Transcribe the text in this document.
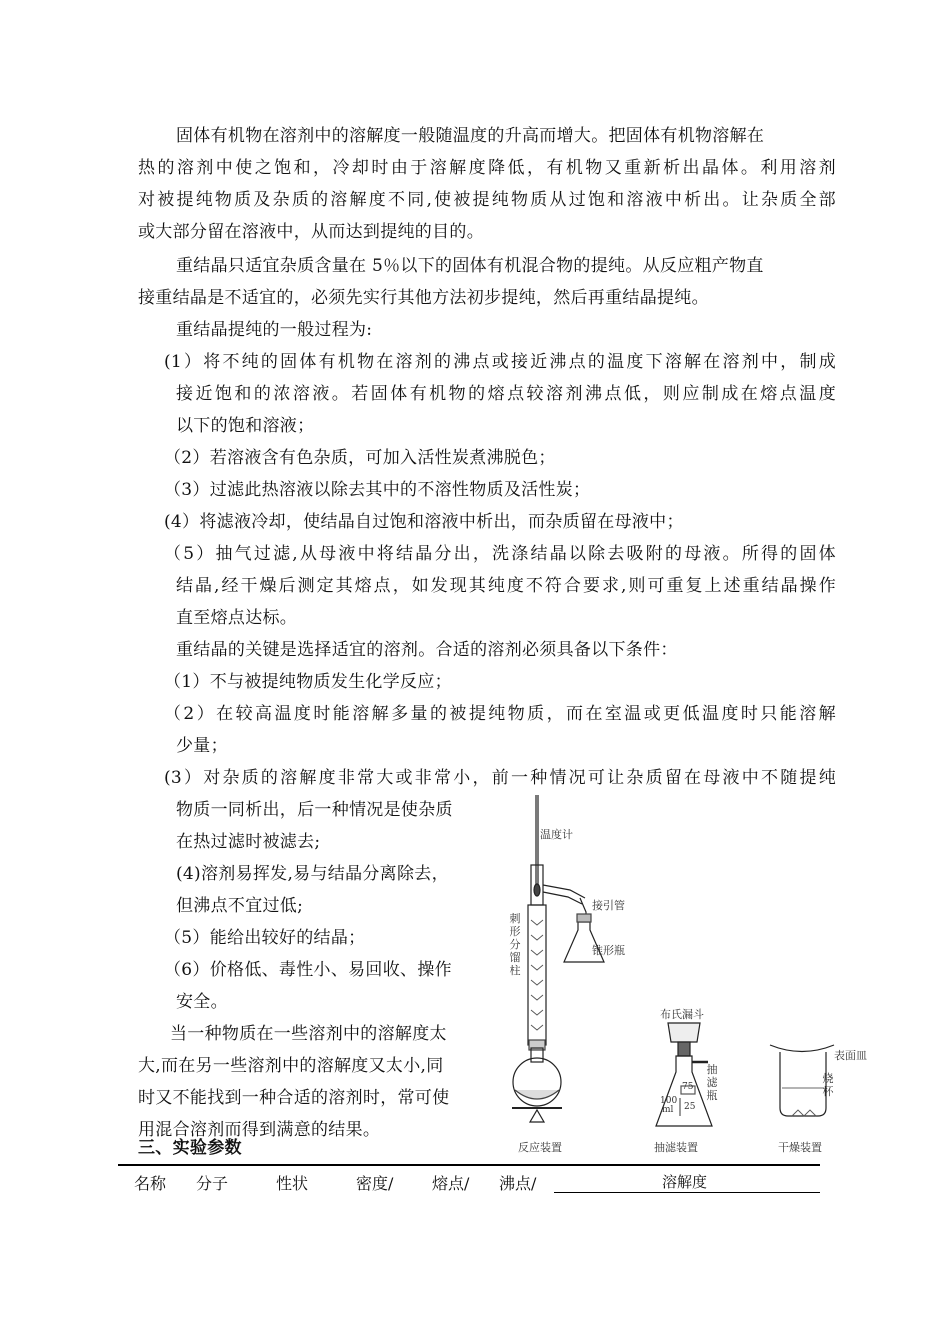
固体有机物在溶剂中的溶解度一般随温度的升高而增大。把固体有机物溶解在
热的溶剂中使之饱和，冷却时由于溶解度降低，有机物又重新析出晶体。利用溶剂
对被提纯物质及杂质的溶解度不同,使被提纯物质从过饱和溶液中析出。让杂质全部
或大部分留在溶液中，从而达到提纯的目的。
重结晶只适宜杂质含量在 5％以下的固体有机混合物的提纯。从反应粗产物直
接重结晶是不适宜的，必须先实行其他方法初步提纯，然后再重结晶提纯。
重结晶提纯的一般过程为:
(1）将不纯的固体有机物在溶剂的沸点或接近沸点的温度下溶解在溶剂中，制成
接近饱和的浓溶液。若固体有机物的熔点较溶剂沸点低，则应制成在熔点温度
以下的饱和溶液；
（2）若溶液含有色杂质，可加入活性炭煮沸脱色；
（3）过滤此热溶液以除去其中的不溶性物质及活性炭；
(4）将滤液冷却，使结晶自过饱和溶液中析出，而杂质留在母液中；
（5）抽气过滤,从母液中将结晶分出，洗涤结晶以除去吸附的母液。所得的固体
结晶,经干燥后测定其熔点，如发现其纯度不符合要求,则可重复上述重结晶操作
直至熔点达标。
重结晶的关键是选择适宜的溶剂。合适的溶剂必须具备以下条件：
（1）不与被提纯物质发生化学反应；
（2）在较高温度时能溶解多量的被提纯物质，而在室温或更低温度时只能溶解
少量；
(3）对杂质的溶解度非常大或非常小，前一种情况可让杂质留在母液中不随提纯
物质一同析出，后一种情况是使杂质
在热过滤时被滤去;
(4)溶剂易挥发,易与结晶分离除去，
但沸点不宜过低;
（5）能给出较好的结晶；
（6）价格低、毒性小、易回收、操作
安全。
当一种物质在一些溶剂中的溶解度太
大,而在另一些溶剂中的溶解度又太小,同
时又不能找到一种合适的溶剂时，常可使
用混合溶剂而得到满意的结果。
温度计
接引管
刺形分馏柱
锥形瓶
布氏漏斗
抽滤瓶
表面皿
烧杯
75
100
ml 25
反应装置	抽滤装置	干燥装置
三、实验参数
名称 分子	性状	密度/ 熔点/ 沸点/	溶解度
